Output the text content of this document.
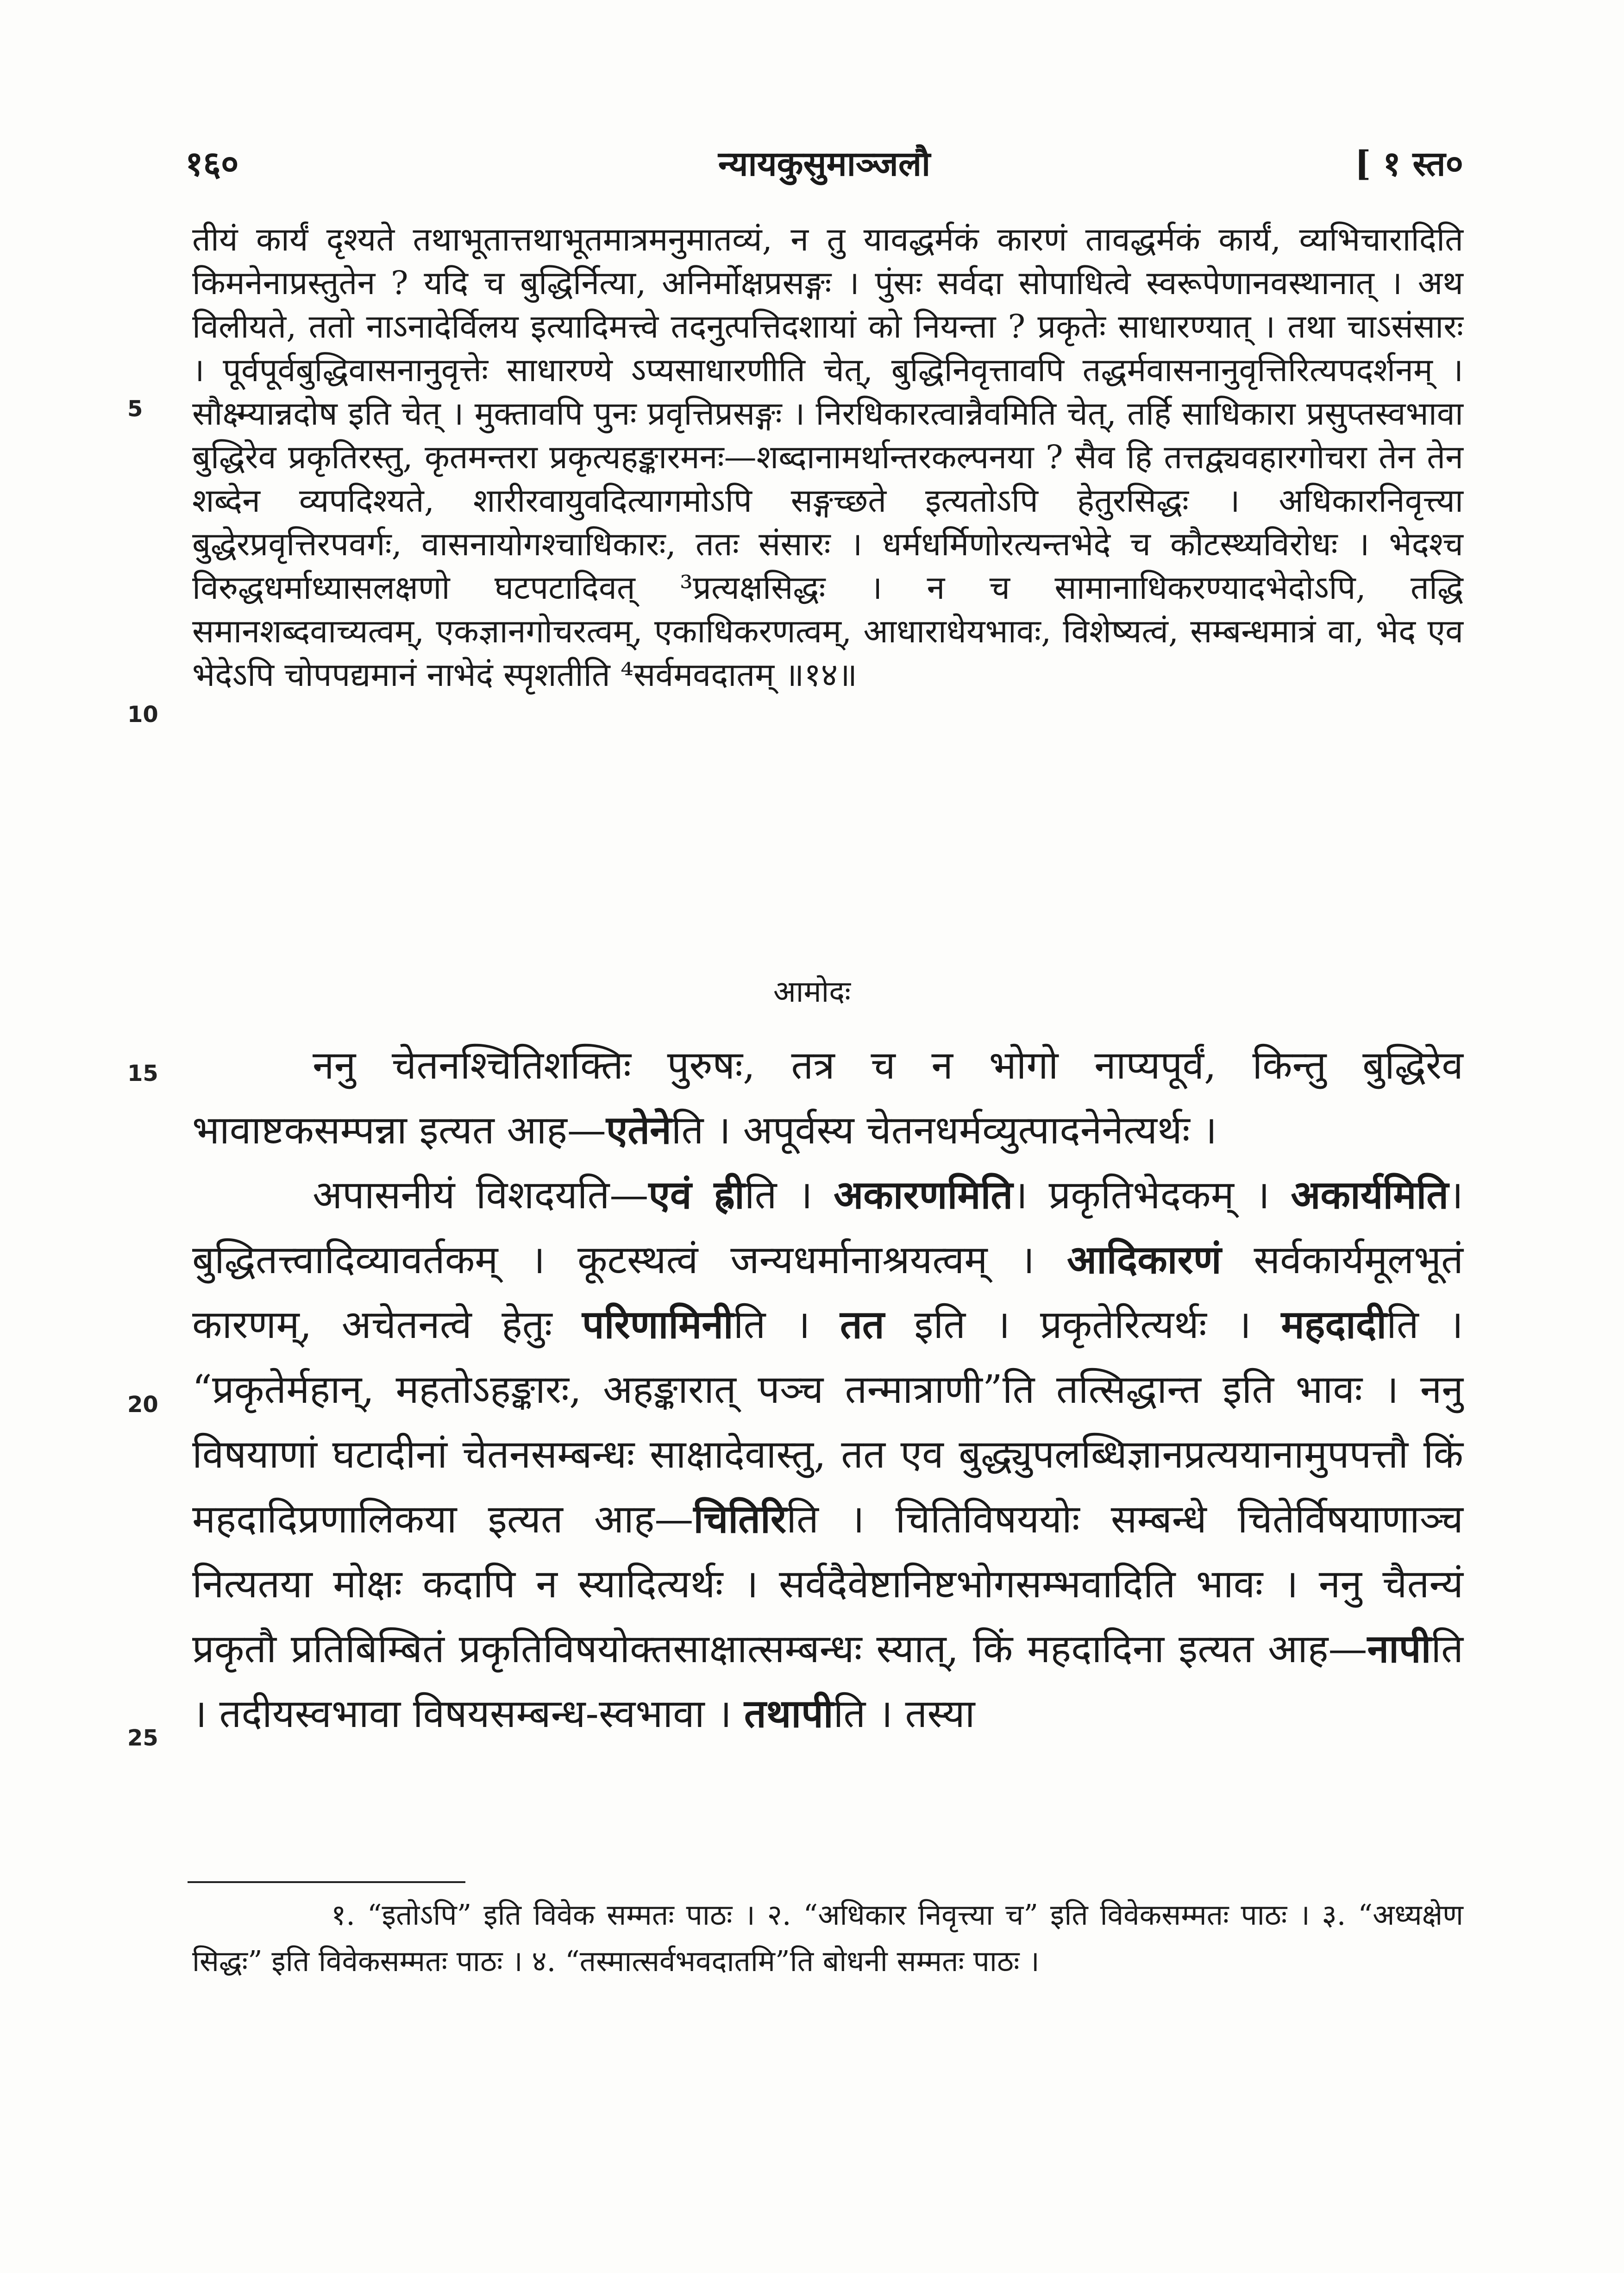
१६०	न्यायकुसुमाञ्जलौ	[ १ स्त०

तीयं कार्यं दृश्यते तथाभूतात्तथाभूतमात्रमनुमातव्यं, न तु यावद्धर्मकं कारणं तावद्धर्मकं कार्यं, व्यभिचारादिति किमनेनाप्रस्तुतेन ? यदि च बुद्धिर्नित्या, अनिर्मोक्षप्रसङ्गः । पुंसः सर्वदा सोपाधित्वे स्वरूपेणानवस्थानात् । अथ विलीयते, ततो नाऽनादेर्विलय इत्यादिमत्त्वे तदनुत्पत्तिदशायां को नियन्ता ? प्रकृतेः साधारण्यात् । तथा चाऽसंसारः । पूर्वपूर्वबुद्धिवासनानुवृत्तेः साधारण्ये ऽप्यसाधारणीति चेत्, बुद्धिनिवृत्तावपि तद्धर्मवासनानुवृत्तिरित्यपदर्शनम् । सौक्ष्म्यान्नदोष इति चेत् । मुक्तावपि पुनः प्रवृत्तिप्रसङ्गः । निरधिकारत्वान्नैवमिति चेत्, तर्हि साधिकारा प्रसुप्तस्वभावा बुद्धिरेव प्रकृतिरस्तु, कृतमन्तरा प्रकृत्यहङ्कारमनः—शब्दानामर्थान्तरकल्पनया ? सैव हि तत्तद्व्यवहारगोचरा तेन तेन शब्देन व्यपदिश्यते, शारीरवायुवदित्यागमोऽपि सङ्गच्छते इत्यतोऽपि हेतुरसिद्धः । अधिकारनिवृत्त्या बुद्धेरप्रवृत्तिरपवर्गः, वासनायोगश्चाधिकारः, ततः संसारः । धर्मधर्मिणोरत्यन्तभेदे च कौटस्थ्यविरोधः । भेदश्च विरुद्धधर्माध्यासलक्षणो घटपटादिवत् ³प्रत्यक्षसिद्धः । न च सामानाधिकरण्यादभेदोऽपि, तद्धि समानशब्दवाच्यत्वम्, एकज्ञानगोचरत्वम्, एकाधिकरणत्वम्, आधाराधेयभावः, विशेष्यत्वं, सम्बन्धमात्रं वा, भेद एव भेदेऽपि चोपपद्यमानं नाभेदं स्पृशतीति ⁴सर्वमवदातम् ॥१४॥

5
10
आमोदः

ननु चेतनश्चितिशक्तिः पुरुषः, तत्र च न भोगो नाप्यपूर्वं, किन्तु बुद्धिरेव भावाष्टकसम्पन्ना इत्यत आह—एतेनेति । अपूर्वस्य चेतनधर्मव्युत्पादनेनेत्यर्थः ।

अपासनीयं विशदयति—एवं ह्रीति । अकारणमिति। प्रकृतिभेदकम् । अकार्यमिति। बुद्धितत्त्वादिव्यावर्तकम् । कूटस्थत्वं जन्यधर्मानाश्रयत्वम् । आदिकारणं सर्वकार्यमूलभूतं कारणम्, अचेतनत्वे हेतुः परिणामिनीति । तत इति । प्रकृतेरित्यर्थः । महदादीति । “प्रकृतेर्महान्, महतोऽहङ्कारः, अहङ्कारात् पञ्च तन्मात्राणी”ति तत्सिद्धान्त इति भावः । ननु विषयाणां घटादीनां चेतनसम्बन्धः साक्षादेवास्तु, तत एव बुद्ध्युपलब्धिज्ञानप्रत्ययानामुपपत्तौ किं महदादिप्रणालिकया इत्यत आह—चितिरिति । चितिविषययोः सम्बन्धे चितेर्विषयाणाञ्च नित्यतया मोक्षः कदापि न स्यादित्यर्थः । सर्वदैवेष्टानिष्टभोगसम्भवादिति भावः । ननु चैतन्यं प्रकृतौ प्रतिबिम्बितं प्रकृतिविषयोक्तसाक्षात्सम्बन्धः स्यात्, किं महदादिना इत्यत आह—नापीति । तदीयस्वभावा विषयसम्बन्ध-स्वभावा । तथापीति । तस्या

15
20
25

१. “इतोऽपि” इति विवेक सम्मतः पाठः । २. “अधिकार निवृत्त्या च” इति विवेकसम्मतः पाठः । ३. “अध्यक्षेण सिद्धः” इति विवेकसम्मतः पाठः । ४. “तस्मात्सर्वभवदातमि”ति बोधनी सम्मतः पाठः ।
